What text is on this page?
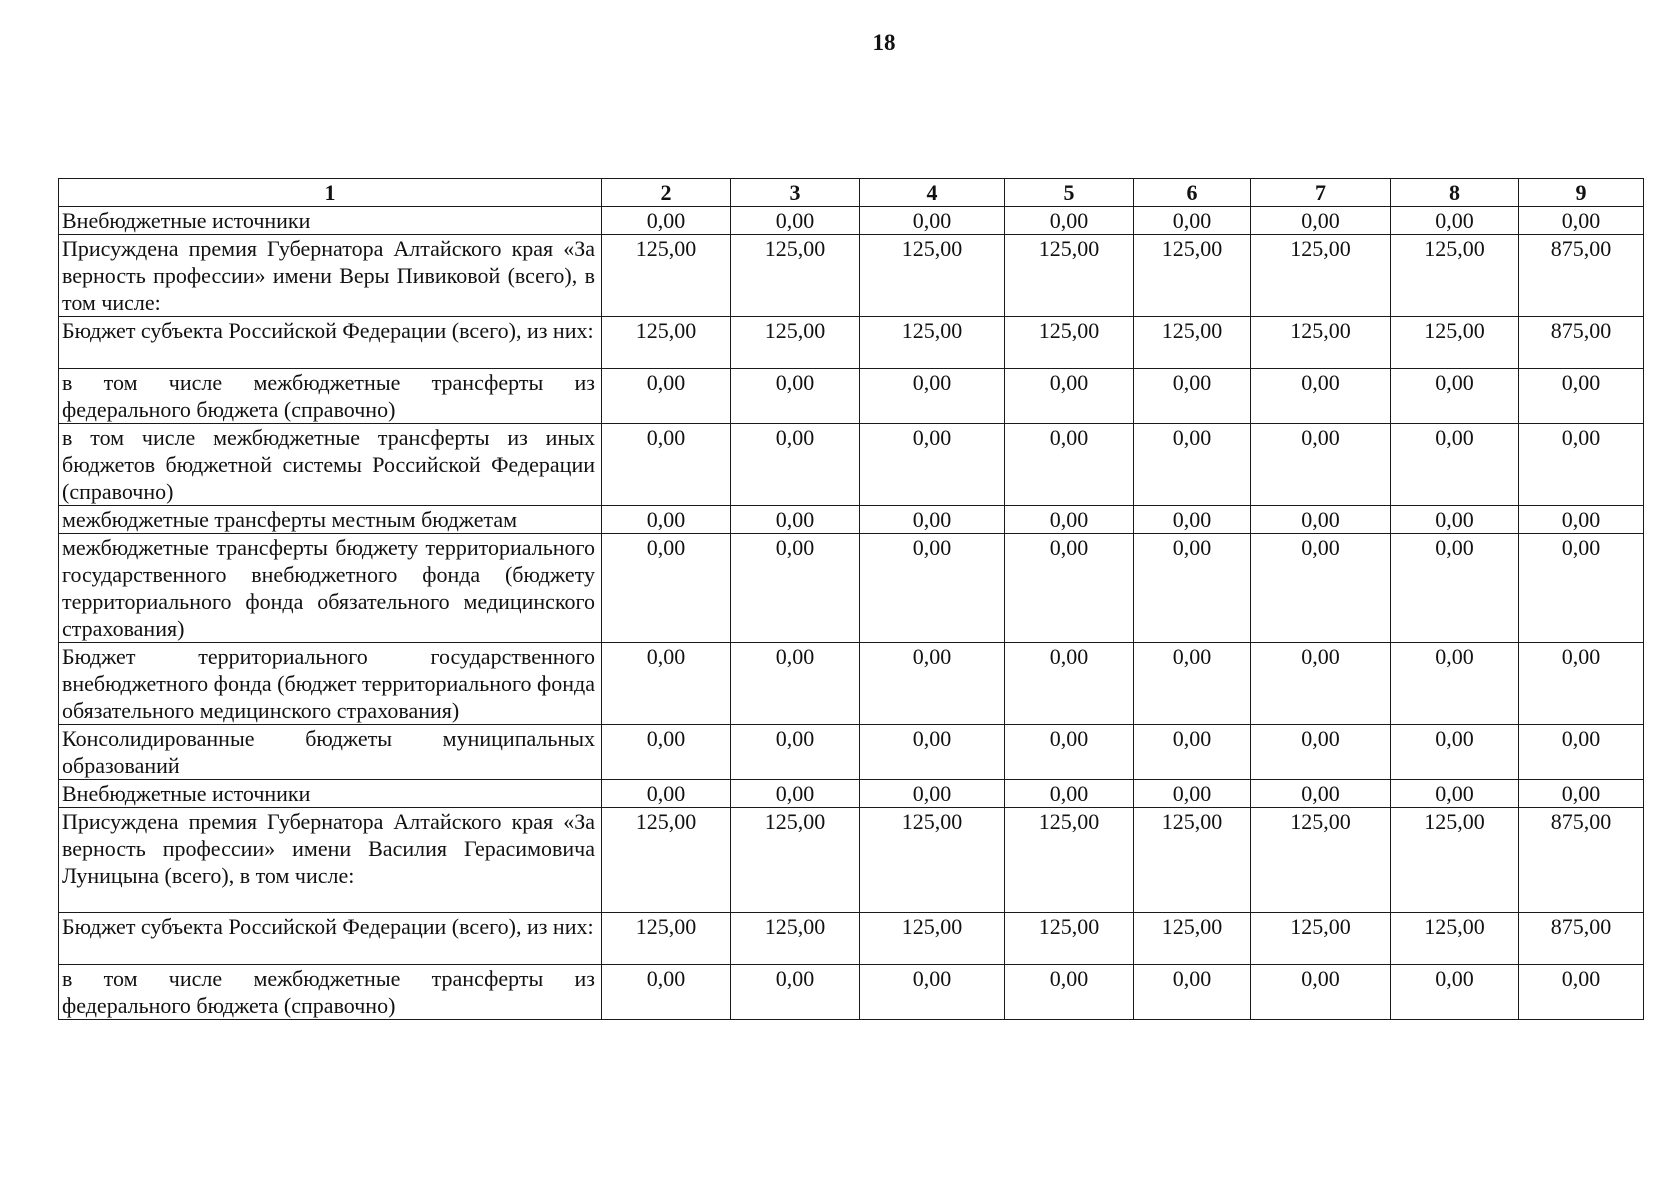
18
1	2	3	4	5	6	7	8	9
Внебюджетные источники	0,00	0,00	0,00	0,00	0,00	0,00	0,00	0,00
Присуждена премия Губернатора Алтайского края «За верность профессии» имени Веры Пивиковой (всего), в том числе:	125,00	125,00	125,00	125,00	125,00	125,00	125,00	875,00
Бюджет субъекта Российской Федерации (всего), из них:	125,00	125,00	125,00	125,00	125,00	125,00	125,00	875,00
в том числе межбюджетные трансферты из федерального бюджета (справочно)	0,00	0,00	0,00	0,00	0,00	0,00	0,00	0,00
в том числе межбюджетные трансферты из иных бюджетов бюджетной системы Российской Федерации (справочно)	0,00	0,00	0,00	0,00	0,00	0,00	0,00	0,00
межбюджетные трансферты местным бюджетам	0,00	0,00	0,00	0,00	0,00	0,00	0,00	0,00
межбюджетные трансферты бюджету территориального государственного внебюджетного фонда (бюджету территориального фонда обязательного медицинского страхования)	0,00	0,00	0,00	0,00	0,00	0,00	0,00	0,00
Бюджет территориального государственного внебюджетного фонда (бюджет территориального фонда обязательного медицинского страхования)	0,00	0,00	0,00	0,00	0,00	0,00	0,00	0,00
Консолидированные бюджеты муниципальных образований	0,00	0,00	0,00	0,00	0,00	0,00	0,00	0,00
Внебюджетные источники	0,00	0,00	0,00	0,00	0,00	0,00	0,00	0,00
Присуждена премия Губернатора Алтайского края «За верность профессии» имени Василия Герасимовича Луницына (всего), в том числе:	125,00	125,00	125,00	125,00	125,00	125,00	125,00	875,00
Бюджет субъекта Российской Федерации (всего), из них:	125,00	125,00	125,00	125,00	125,00	125,00	125,00	875,00
в том числе межбюджетные трансферты из федерального бюджета (справочно)	0,00	0,00	0,00	0,00	0,00	0,00	0,00	0,00
